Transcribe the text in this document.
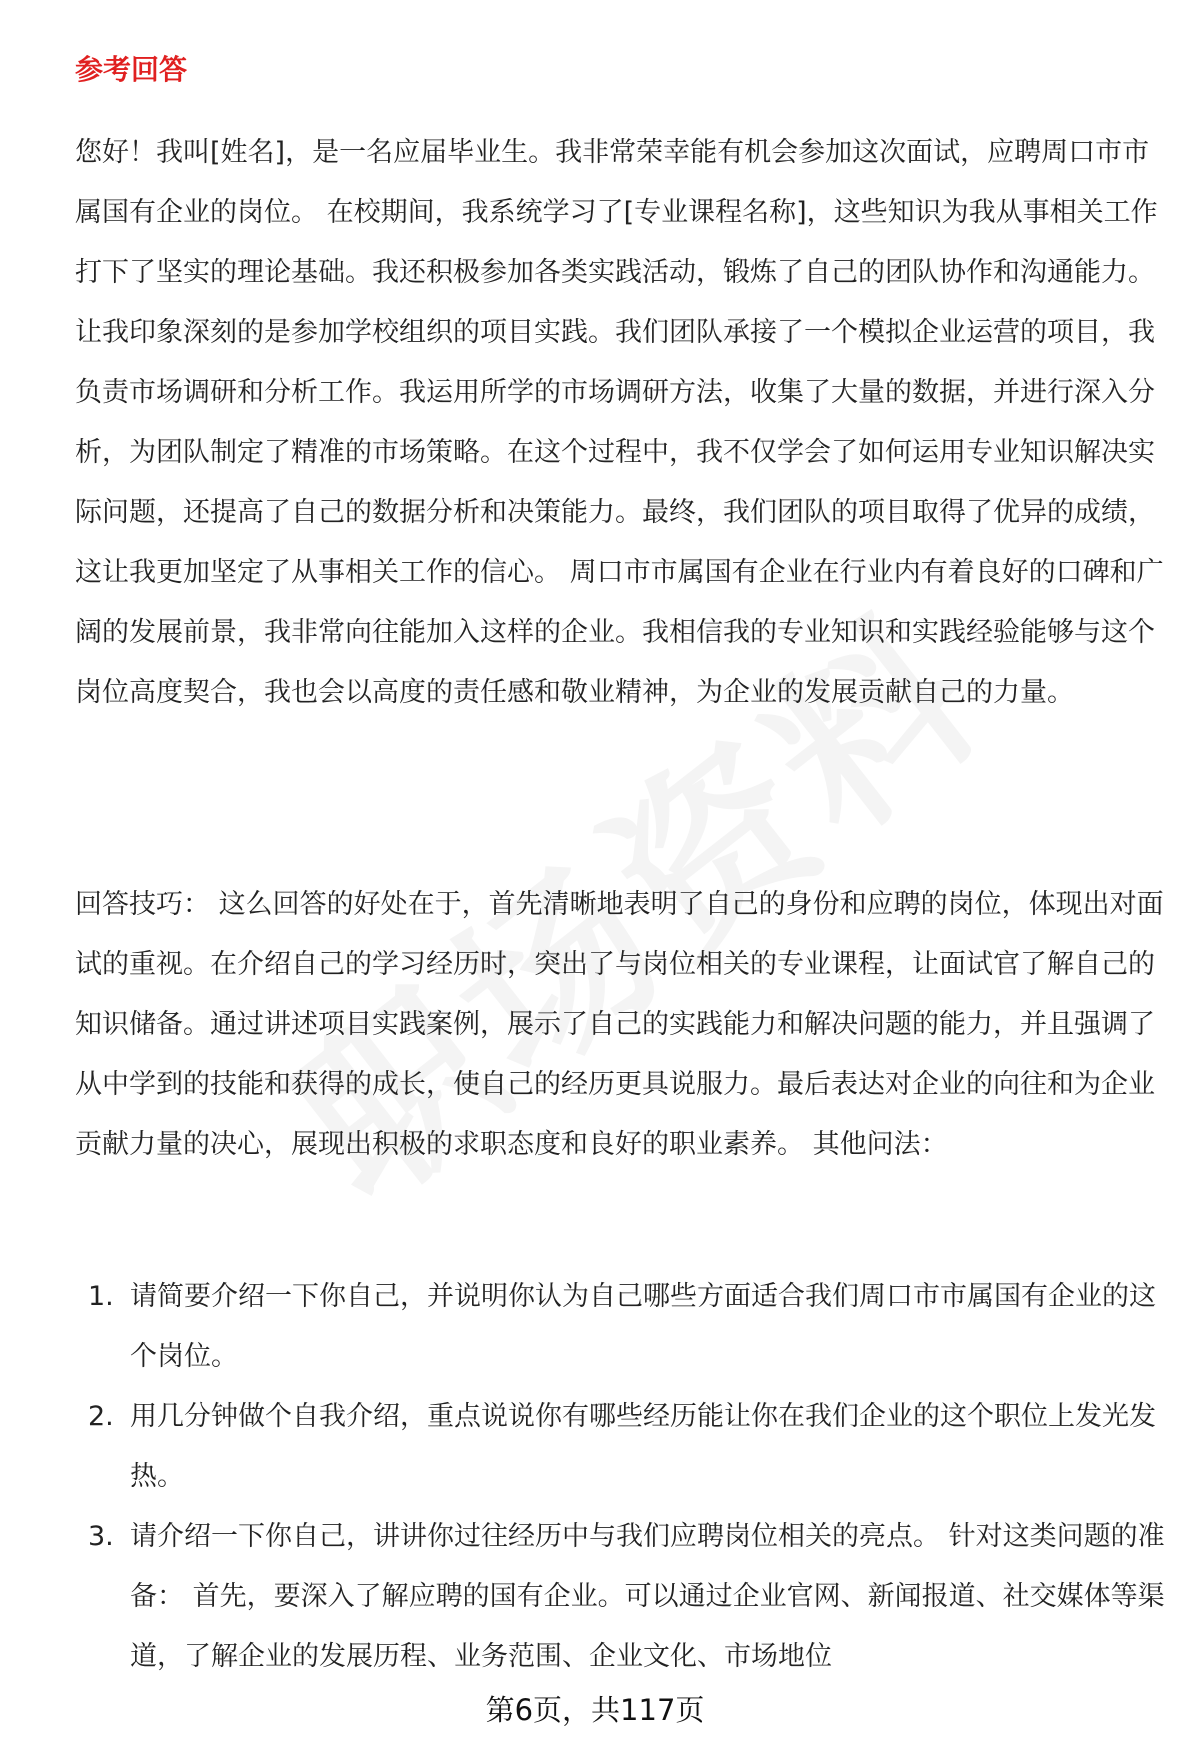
参考回答

您好！我叫[姓名]，是一名应届毕业生。我非常荣幸能有机会参加这次面试，应聘周口市市属国有企业的岗位。 在校期间，我系统学习了[专业课程名称]，这些知识为我从事相关工作打下了坚实的理论基础。我还积极参加各类实践活动，锻炼了自己的团队协作和沟通能力。 让我印象深刻的是参加学校组织的项目实践。我们团队承接了一个模拟企业运营的项目，我负责市场调研和分析工作。我运用所学的市场调研方法，收集了大量的数据，并进行深入分析，为团队制定了精准的市场策略。在这个过程中，我不仅学会了如何运用专业知识解决实际问题，还提高了自己的数据分析和决策能力。最终，我们团队的项目取得了优异的成绩，这让我更加坚定了从事相关工作的信心。 周口市市属国有企业在行业内有着良好的口碑和广阔的发展前景，我非常向往能加入这样的企业。我相信我的专业知识和实践经验能够与这个岗位高度契合，我也会以高度的责任感和敬业精神，为企业的发展贡献自己的力量。

回答技巧： 这么回答的好处在于，首先清晰地表明了自己的身份和应聘的岗位，体现出对面试的重视。在介绍自己的学习经历时，突出了与岗位相关的专业课程，让面试官了解自己的知识储备。通过讲述项目实践案例，展示了自己的实践能力和解决问题的能力，并且强调了从中学到的技能和获得的成长，使自己的经历更具说服力。最后表达对企业的向往和为企业贡献力量的决心，展现出积极的求职态度和良好的职业素养。 其他问法：

1. 请简要介绍一下你自己，并说明你认为自己哪些方面适合我们周口市市属国有企业的这个岗位。
2. 用几分钟做个自我介绍，重点说说你有哪些经历能让你在我们企业的这个职位上发光发热。
3. 请介绍一下你自己，讲讲你过往经历中与我们应聘岗位相关的亮点。 针对这类问题的准备： 首先，要深入了解应聘的国有企业。可以通过企业官网、新闻报道、社交媒体等渠道，了解企业的发展历程、业务范围、企业文化、市场地位
第6页，共117页
